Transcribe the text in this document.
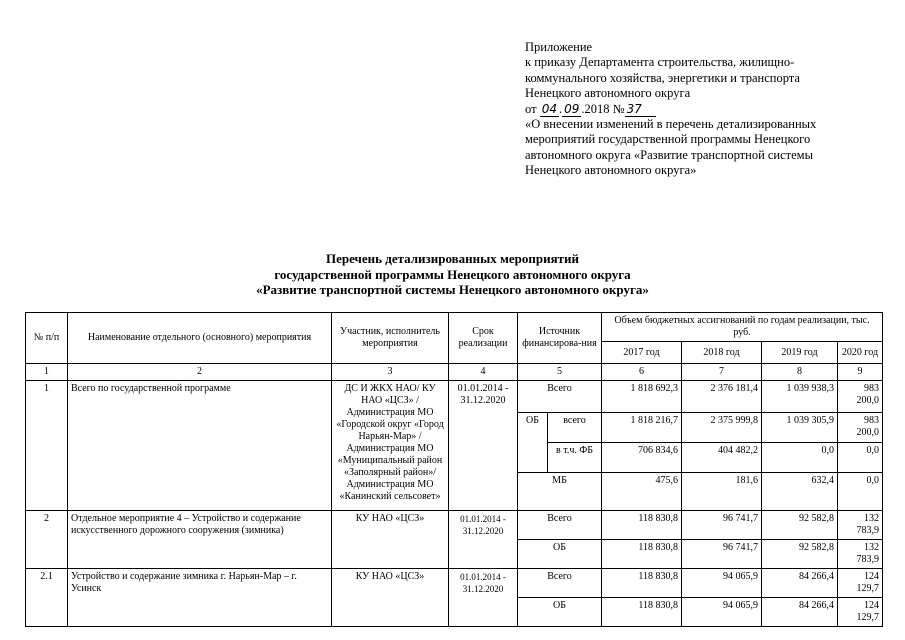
Приложение
к приказу Департамента строительства, жилищно-
коммунального хозяйства, энергетики и транспорта
Ненецкого автономного округа
от 04 . 09 .2018 № 37
«О внесении изменений в перечень детализированных
мероприятий государственной программы Ненецкого
автономного округа «Развитие транспортной системы
Ненецкого автономного округа»
Перечень детализированных мероприятий
государственной программы Ненецкого автономного округа
«Развитие транспортной системы Ненецкого автономного округа»
№ п/п	Наименование отдельного (основного) мероприятия	Участник, исполнитель мероприятия	Срок реализации	Источник финансирова-ния		Объем бюджетных ассигнований по годам реализации, тыс. руб.			
						2017 год	2018 год	2019 год	2020 год
1	2	3	4	5		6	7	8	9
1	Всего по государственной программе	ДС И ЖКХ НАО/ КУ НАО «ЦСЗ» /Администрация МО «Городской округ «Город Нарьян-Мар» / Администрация МО «Муниципальный район «Заполярный район»/ Администрация МО «Канинский сельсовет»	01.01.2014 - 31.12.2020	Всего		1 818 692,3	2 376 181,4	1 039 938,3	983 200,0
				ОБ	всего	1 818 216,7	2 375 999,8	1 039 305,9	983 200,0
					в т.ч. ФБ	706 834,6	404 482,2	0,0	0,0
				МБ		475,6	181,6	632,4	0,0
2	Отдельное мероприятие 4 – Устройство и содержание искусственного дорожного сооружения (зимника)	КУ НАО «ЦСЗ»	01.01.2014 - 31.12.2020	Всего		118 830,8	96 741,7	92 582,8	132 783,9
				ОБ		118 830,8	96 741,7	92 582,8	132 783,9
2.1	Устройство и содержание зимника г. Нарьян-Мар – г. Усинск	КУ НАО «ЦСЗ»	01.01.2014 - 31.12.2020	Всего		118 830,8	94 065,9	84 266,4	124 129,7
				ОБ		118 830,8	94 065,9	84 266,4	124 129,7
